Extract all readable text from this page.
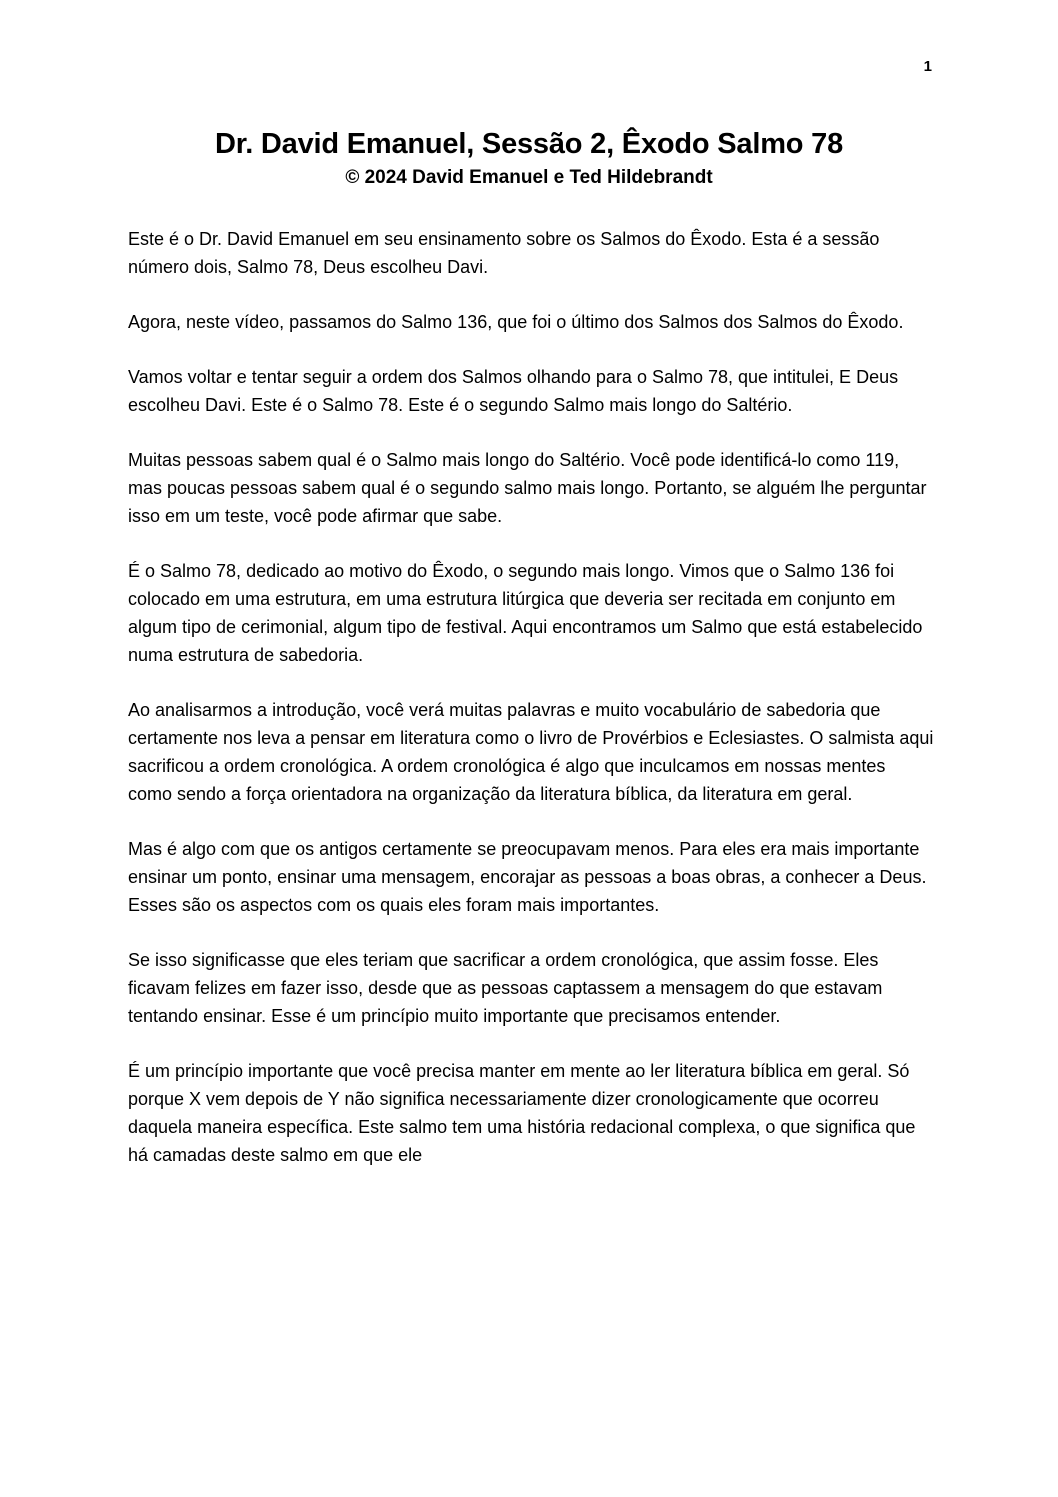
1
Dr. David Emanuel, Sessão 2, Êxodo Salmo 78

© 2024 David Emanuel e Ted Hildebrandt

Este é o Dr. David Emanuel em seu ensinamento sobre os Salmos do Êxodo. Esta é a sessão número dois, Salmo 78, Deus escolheu Davi.

Agora, neste vídeo, passamos do Salmo 136, que foi o último dos Salmos dos Salmos do Êxodo.

Vamos voltar e tentar seguir a ordem dos Salmos olhando para o Salmo 78, que intitulei, E Deus escolheu Davi. Este é o Salmo 78. Este é o segundo Salmo mais longo do Saltério.

Muitas pessoas sabem qual é o Salmo mais longo do Saltério. Você pode identificá-lo como 119, mas poucas pessoas sabem qual é o segundo salmo mais longo. Portanto, se alguém lhe perguntar isso em um teste, você pode afirmar que sabe.

É o Salmo 78, dedicado ao motivo do Êxodo, o segundo mais longo. Vimos que o Salmo 136 foi colocado em uma estrutura, em uma estrutura litúrgica que deveria ser recitada em conjunto em algum tipo de cerimonial, algum tipo de festival. Aqui encontramos um Salmo que está estabelecido numa estrutura de sabedoria.

Ao analisarmos a introdução, você verá muitas palavras e muito vocabulário de sabedoria que certamente nos leva a pensar em literatura como o livro de Provérbios e Eclesiastes. O salmista aqui sacrificou a ordem cronológica. A ordem cronológica é algo que inculcamos em nossas mentes como sendo a força orientadora na organização da literatura bíblica, da literatura em geral.

Mas é algo com que os antigos certamente se preocupavam menos. Para eles era mais importante ensinar um ponto, ensinar uma mensagem, encorajar as pessoas a boas obras, a conhecer a Deus. Esses são os aspectos com os quais eles foram mais importantes.

Se isso significasse que eles teriam que sacrificar a ordem cronológica, que assim fosse. Eles ficavam felizes em fazer isso, desde que as pessoas captassem a mensagem do que estavam tentando ensinar. Esse é um princípio muito importante que precisamos entender.

É um princípio importante que você precisa manter em mente ao ler literatura bíblica em geral. Só porque X vem depois de Y não significa necessariamente dizer cronologicamente que ocorreu daquela maneira específica. Este salmo tem uma história redacional complexa, o que significa que há camadas deste salmo em que ele
